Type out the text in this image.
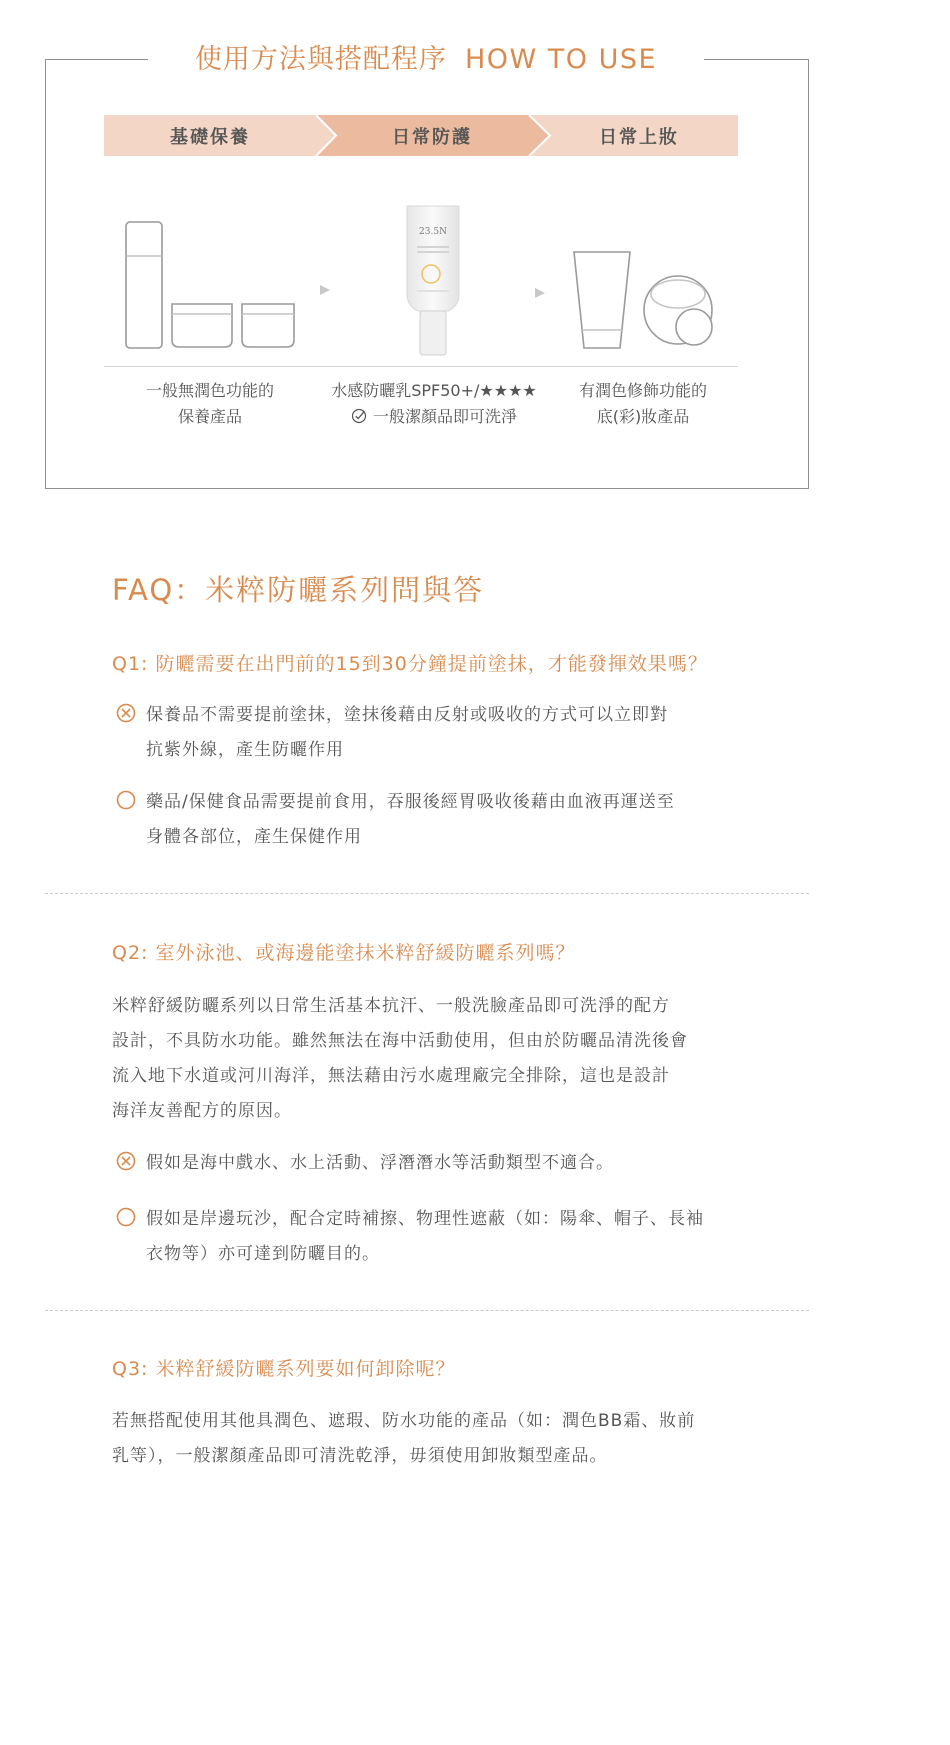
使用方法與搭配程序 HOW TO USE
基礎保養	日常防護	日常上妝
23.5N
一般無潤色功能的
保養產品
水感防曬乳SPF50+/★★★★
一般潔顏品即可洗淨
有潤色修飾功能的
底(彩)妝產品
FAQ：米粹防曬系列問與答
Q1: 防曬需要在出門前的15到30分鐘提前塗抹，才能發揮效果嗎？
保養品不需要提前塗抹，塗抹後藉由反射或吸收的方式可以立即對
抗紫外線，產生防曬作用
藥品/保健食品需要提前食用，吞服後經胃吸收後藉由血液再運送至
身體各部位，產生保健作用
Q2: 室外泳池、或海邊能塗抹米粹舒緩防曬系列嗎？
米粹舒緩防曬系列以日常生活基本抗汗、一般洗臉產品即可洗淨的配方
設計，不具防水功能。雖然無法在海中活動使用，但由於防曬品清洗後會
流入地下水道或河川海洋，無法藉由污水處理廠完全排除，這也是設計
海洋友善配方的原因。
假如是海中戲水、水上活動、浮潛潛水等活動類型不適合。
假如是岸邊玩沙，配合定時補擦、物理性遮蔽（如：陽傘、帽子、長袖
衣物等）亦可達到防曬目的。
Q3: 米粹舒緩防曬系列要如何卸除呢？
若無搭配使用其他具潤色、遮瑕、防水功能的產品（如：潤色BB霜、妝前
乳等），一般潔顏產品即可清洗乾淨，毋須使用卸妝類型產品。
